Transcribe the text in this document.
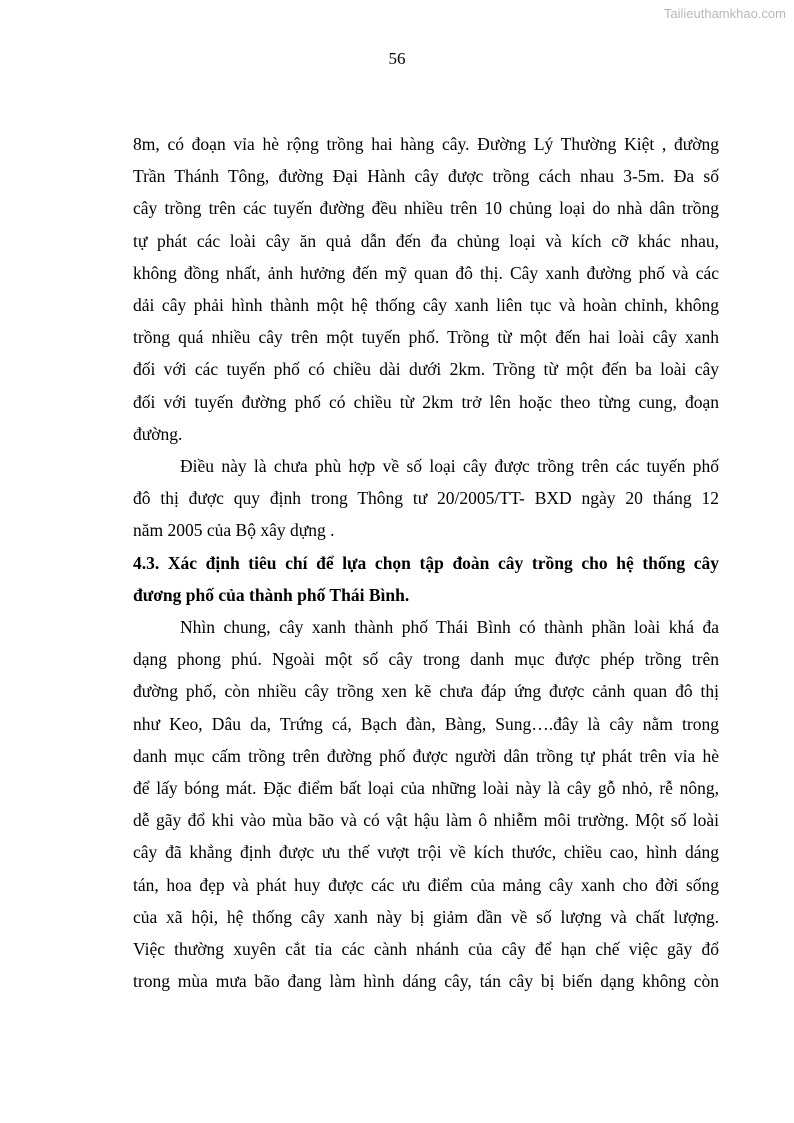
Tailieuthamkhao.com
56

8m, có đoạn vỉa hè rộng trồng hai hàng cây. Đường Lý Thường Kiệt , đường
Trần Thánh Tông, đường Đại Hành cây được trồng cách nhau 3-5m. Đa số
cây trồng trên các tuyến đường đều nhiều trên 10 chủng loại do nhà dân trồng
tự phát các loài cây ăn quả dẫn đến đa chủng loại và kích cỡ khác nhau,
không đồng nhất, ảnh hưởng đến mỹ quan đô thị. Cây xanh đường phố và các
dải cây phải hình thành một hệ thống cây xanh liên tục và hoàn chỉnh, không
trồng quá nhiều cây trên một tuyến phố. Trồng từ một đến hai loài cây xanh
đối với các tuyến phố có chiều dài dưới 2km. Trồng từ một đến ba loài cây
đối với tuyến đường phố có chiều từ 2km trở lên hoặc theo từng cung, đoạn
đường.

Điều này là chưa phù hợp về số loại cây được trồng trên các tuyến phố
đô thị được quy định trong Thông tư 20/2005/TT- BXD ngày 20 tháng 12
năm 2005 của Bộ xây dựng .

4.3. Xác định tiêu chí để lựa chọn tập đoàn cây trồng cho hệ thống cây
đương phố của thành phố Thái Bình.

Nhìn chung, cây xanh thành phố Thái Bình có thành phần loài khá đa
dạng phong phú. Ngoài một số cây trong danh mục được phép trồng trên
đường phố, còn nhiều cây trồng xen kẽ chưa đáp ứng được cảnh quan đô thị
như Keo, Dâu da, Trứng cá, Bạch đàn, Bàng, Sung….đây là cây nằm trong
danh mục cấm trồng trên đường phố được người dân trồng tự phát trên vỉa hè
để lấy bóng mát. Đặc điểm bất loại của những loài này là cây gỗ nhỏ, rễ nông,
dễ gãy đổ khi vào mùa bão và có vật hậu làm ô nhiễm môi trường. Một số loài
cây đã khẳng định được ưu thế vượt trội về kích thước, chiều cao, hình dáng
tán, hoa đẹp và phát huy được các ưu điểm của mảng cây xanh cho đời sống
của xã hội, hệ thống cây xanh này bị giảm dần về số lượng và chất lượng.
Việc thường xuyên cắt tỉa các cành nhánh của cây để hạn chế việc gãy đổ
trong mùa mưa bão đang làm hình dáng cây, tán cây bị biến dạng không còn
